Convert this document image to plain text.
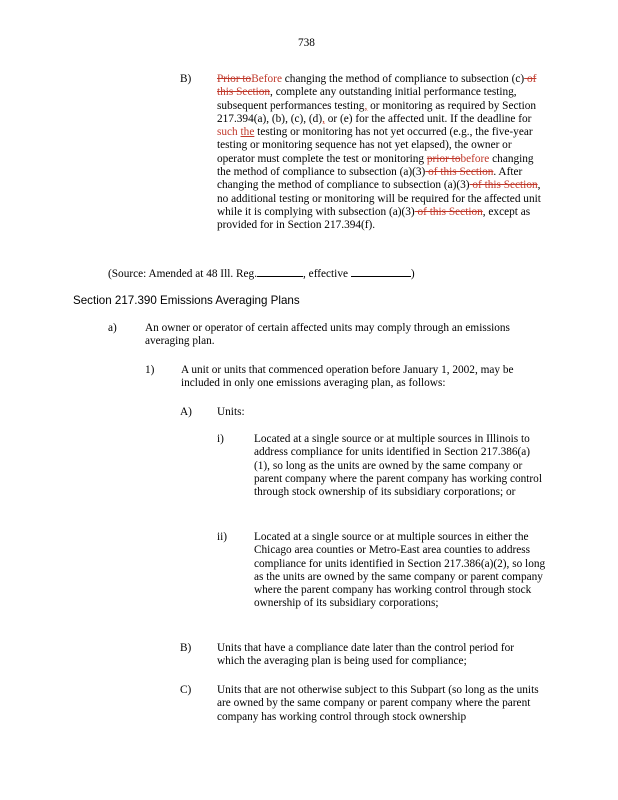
738
B) Prior toBefore changing the method of compliance to subsection (c) of this Section, complete any outstanding initial performance testing, subsequent performances testing, or monitoring as required by Section 217.394(a), (b), (c), (d), or (e) for the affected unit. If the deadline for such the testing or monitoring has not yet occurred (e.g., the five-year testing or monitoring sequence has not yet elapsed), the owner or operator must complete the test or monitoring prior tobefore changing the method of compliance to subsection (a)(3) of this Section. After changing the method of compliance to subsection (a)(3) of this Section, no additional testing or monitoring will be required for the affected unit while it is complying with subsection (a)(3) of this Section, except as provided for in Section 217.394(f).
(Source: Amended at 48 Ill. Reg.	, effective	)
Section 217.390 Emissions Averaging Plans
a) An owner or operator of certain affected units may comply through an emissions averaging plan.
1) A unit or units that commenced operation before January 1, 2002, may be included in only one emissions averaging plan, as follows:
A) Units:
i)	Located at a single source or at multiple sources in Illinois to address compliance for units identified in Section 217.386(a)(1), so long as the units are owned by the same company or parent company where the parent company has working control through stock ownership of its subsidiary corporations; or
ii) Located at a single source or at multiple sources in either the Chicago area counties or Metro-East area counties to address compliance for units identified in Section 217.386(a)(2), so long as the units are owned by the same company or parent company where the parent company has working control through stock ownership of its subsidiary corporations;
B) Units that have a compliance date later than the control period for which the averaging plan is being used for compliance;
C) Units that are not otherwise subject to this Subpart (so long as the units are owned by the same company or parent company where the parent company has working control through stock ownership
